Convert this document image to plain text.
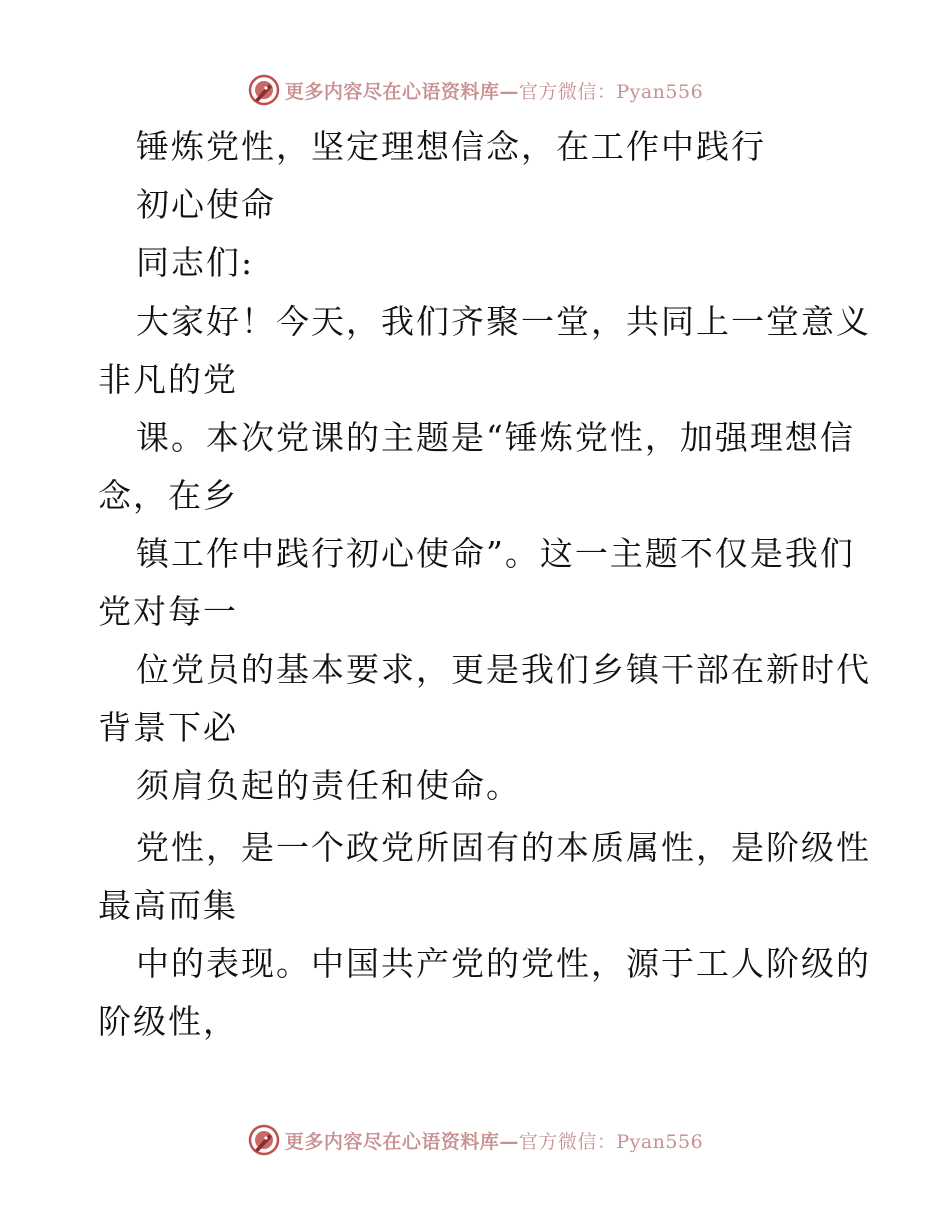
更多内容尽在心语资料库—官方微信：Pyan556
锤炼党性，坚定理想信念，在工作中践行
初心使命
同志们:
大家好！今天，我们齐聚一堂，共同上一堂意义
非凡的党
课。本次党课的主题是“锤炼党性，加强理想信
念，在乡
镇工作中践行初心使命”。这一主题不仅是我们
党对每一
位党员的基本要求，更是我们乡镇干部在新时代
背景下必
须肩负起的责任和使命。
党性，是一个政党所固有的本质属性，是阶级性
最高而集
中的表现。中国共产党的党性，源于工人阶级的
阶级性，
更多内容尽在心语资料库—官方微信：Pyan556
